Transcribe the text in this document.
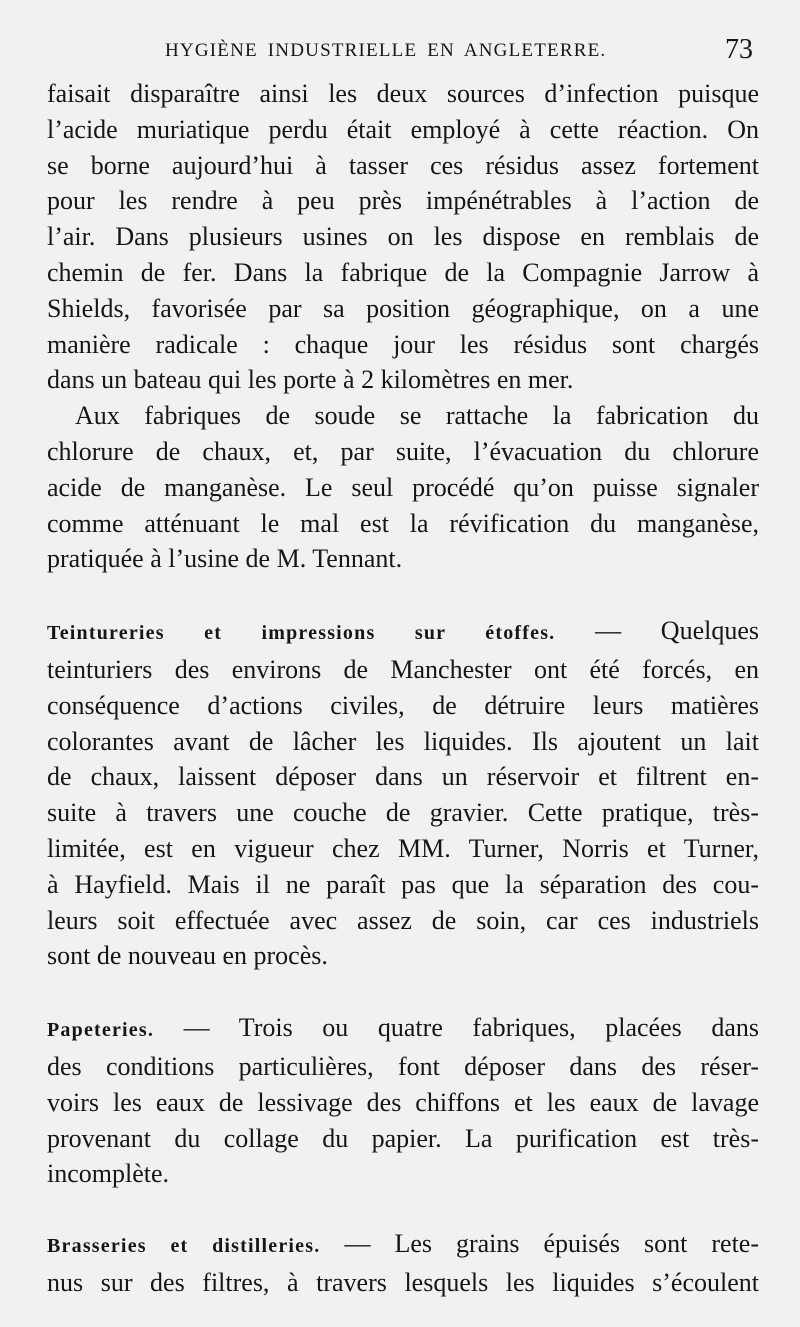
HYGIÈNE INDUSTRIELLE EN ANGLETERRE.	73
faisait disparaître ainsi les deux sources d’infection puisque
l’acide muriatique perdu était employé à cette réaction. On
se borne aujourd’hui à tasser ces résidus assez fortement
pour les rendre à peu près impénétrables à l’action de
l’air. Dans plusieurs usines on les dispose en remblais de
chemin de fer. Dans la fabrique de la Compagnie Jarrow à
Shields, favorisée par sa position géographique, on a une
manière radicale : chaque jour les résidus sont chargés
dans un bateau qui les porte à 2 kilomètres en mer.
Aux fabriques de soude se rattache la fabrication du
chlorure de chaux, et, par suite, l’évacuation du chlorure
acide de manganèse. Le seul procédé qu’on puisse signaler
comme atténuant le mal est la révification du manganèse,
pratiquée à l’usine de M. Tennant.
Teintureries et impressions sur étoffes. — Quelques
teinturiers des environs de Manchester ont été forcés, en
conséquence d’actions civiles, de détruire leurs matières
colorantes avant de lâcher les liquides. Ils ajoutent un lait
de chaux, laissent déposer dans un réservoir et filtrent en-
suite à travers une couche de gravier. Cette pratique, très-
limitée, est en vigueur chez MM. Turner, Norris et Turner,
à Hayfield. Mais il ne paraît pas que la séparation des cou-
leurs soit effectuée avec assez de soin, car ces industriels
sont de nouveau en procès.
Papeteries. — Trois ou quatre fabriques, placées dans
des conditions particulières, font déposer dans des réser-
voirs les eaux de lessivage des chiffons et les eaux de lavage
provenant du collage du papier. La purification est très-
incomplète.
Brasseries et distilleries. — Les grains épuisés sont rete-
nus sur des filtres, à travers lesquels les liquides s’écoulent
